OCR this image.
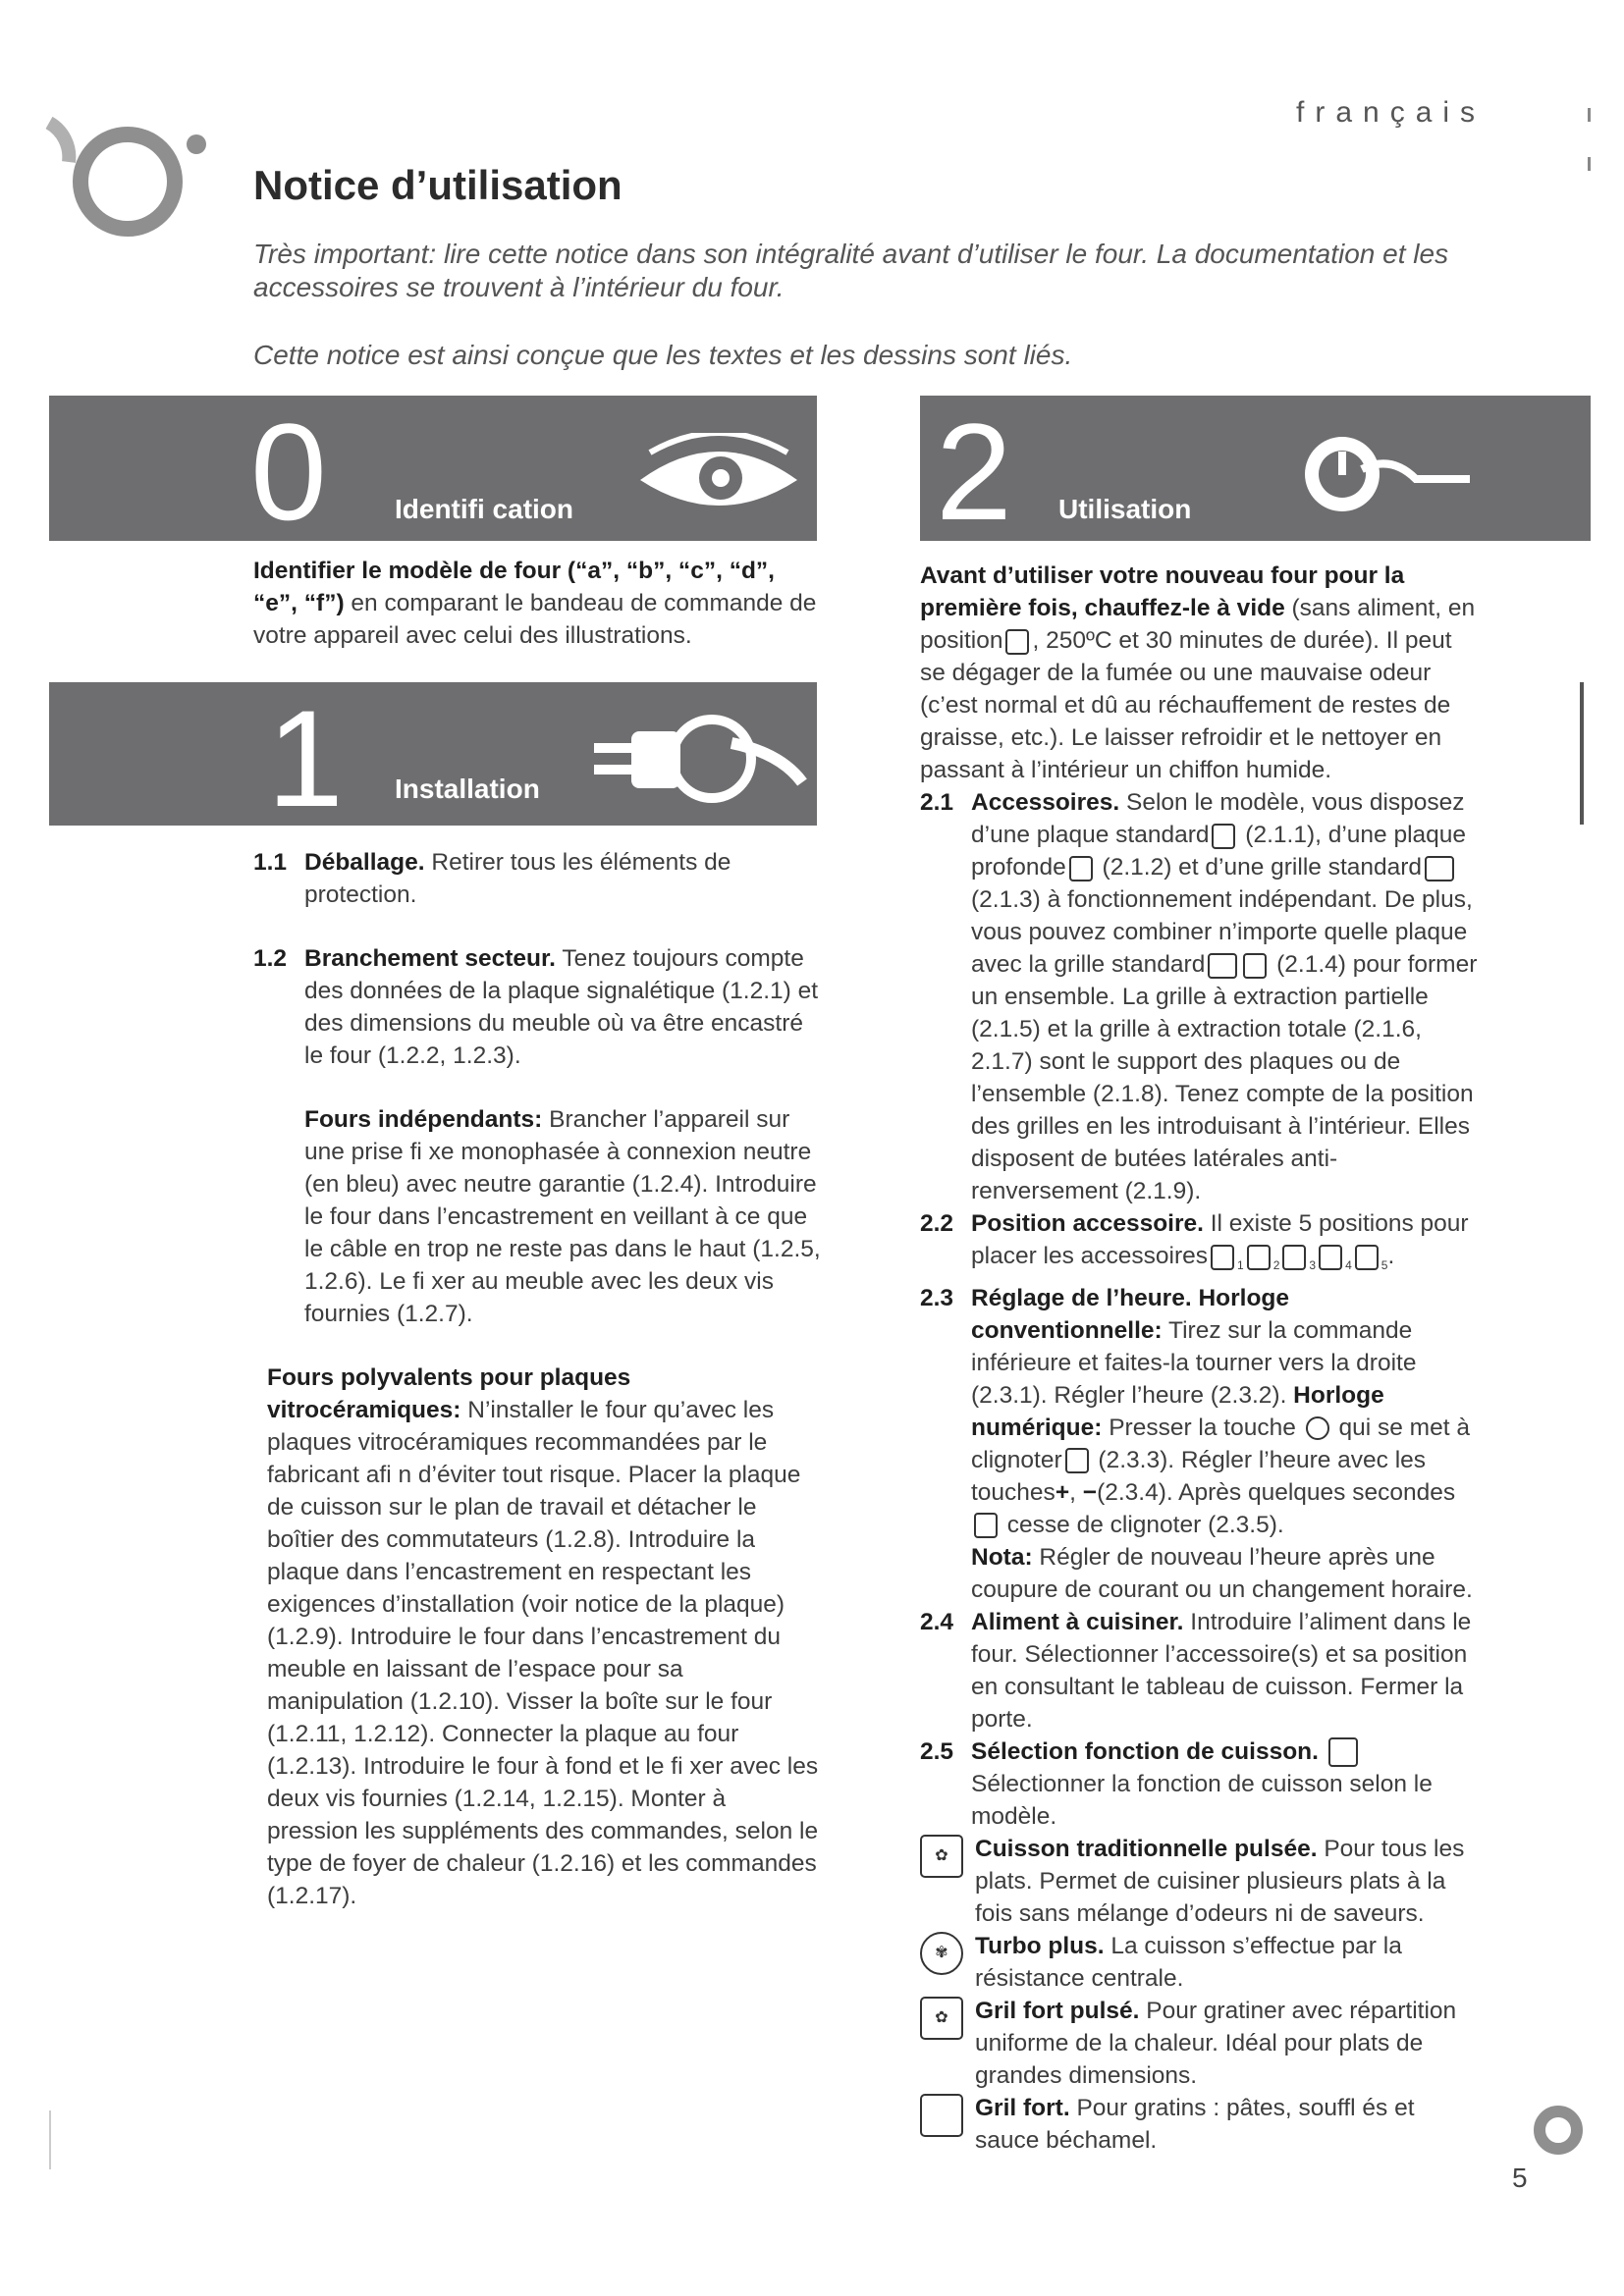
français
Notice d’utilisation

Très important: lire cette notice dans son intégralité avant d’utiliser le four. La documentation et les accessoires se trouvent à l’intérieur du four.

Cette notice est ainsi conçue que les textes et les dessins sont liés.

0 Identifi cation
1 Installation
2 Utilisation

Identifier le modèle de four (“a”, “b”, “c”, “d”, “e”, “f”) en comparant le bandeau de commande de votre appareil avec celui des illustrations.

1.1 Déballage. Retirer tous les éléments de protection.

1.2 Branchement secteur. Tenez toujours compte des données de la plaque signalétique (1.2.1) et des dimensions du meuble où va être encastré le four (1.2.2, 1.2.3).

Fours indépendants: Brancher l’appareil sur une prise fi xe monophasée à connexion neutre (en bleu) avec neutre garantie (1.2.4). Introduire le four dans l’encastrement en veillant à ce que le câble en trop ne reste pas dans le haut (1.2.5, 1.2.6). Le fi xer au meuble avec les deux vis fournies (1.2.7).

Fours polyvalents pour plaques vitrocéramiques: N’installer le four qu’avec les plaques vitrocéramiques recommandées par le fabricant afi n d’éviter tout risque. Placer la plaque de cuisson sur le plan de travail et détacher le boîtier des commutateurs (1.2.8). Introduire la plaque dans l’encastrement en respectant les exigences d’installation (voir notice de la plaque) (1.2.9). Introduire le four dans l’encastrement du meuble en laissant de l’espace pour sa manipulation (1.2.10). Visser la boîte sur le four (1.2.11, 1.2.12). Connecter la plaque au four (1.2.13). Introduire le four à fond et le fi xer avec les deux vis fournies (1.2.14, 1.2.15). Monter à pression les suppléments des commandes, selon le type de foyer de chaleur (1.2.16) et les commandes (1.2.17).

Avant d’utiliser votre nouveau four pour la première fois, chauffez-le à vide (sans aliment, en position , 250ºC et 30 minutes de durée). Il peut se dégager de la fumée ou une mauvaise odeur (c’est normal et dû au réchauffement de restes de graisse, etc.). Le laisser refroidir et le nettoyer en passant à l’intérieur un chiffon humide.

2.1 Accessoires. Selon le modèle, vous disposez d’une plaque standard (2.1.1), d’une plaque profonde (2.1.2) et d’une grille standard (2.1.3) à fonctionnement indépendant. De plus, vous pouvez combiner n’importe quelle plaque avec la grille standard	(2.1.4) pour former un ensemble. La grille à extraction partielle (2.1.5) et la grille à extraction totale (2.1.6, 2.1.7) sont le support des plaques ou de l’ensemble (2.1.8). Tenez compte de la position des grilles en les introduisant à l’intérieur. Elles disposent de butées latérales anti-renversement (2.1.9).

2.2 Position accessoire. Il existe 5 positions pour placer les accessoires	$_1$	$_2$	$_3$	$_4$	$_5$.

2.3 Réglage de l’heure. Horloge conventionnelle: Tirez sur la commande inférieure et faites-la tourner vers la droite (2.3.1). Régler l’heure (2.3.2). Horloge numérique: Presser la touche  qui se met à clignoter (2.3.3). Régler l’heure avec les touches+, −(2.3.4). Après quelques secondes cesse de clignoter (2.3.5).

Nota: Régler de nouveau l’heure après une coupure de courant ou un changement horaire.

2.4 Aliment à cuisiner. Introduire l’aliment dans le four. Sélectionner l’accessoire(s) et sa position en consultant le tableau de cuisson. Fermer la porte.

2.5 Sélection fonction de cuisson.
Sélectionner la fonction de cuisson selon le modèle.

✿	Cuisson traditionnelle pulsée. Pour tous les plats. Permet de cuisiner plusieurs plats à la fois sans mélange d’odeurs ni de saveurs.

✾	Turbo plus. La cuisson s’effectue par la résistance centrale.

✿	Gril fort pulsé. Pour gratiner avec répartition uniforme de la chaleur. Idéal pour plats de grandes dimensions.

Gril fort. Pour gratins : pâtes, souffl és et sauce béchamel.

5
